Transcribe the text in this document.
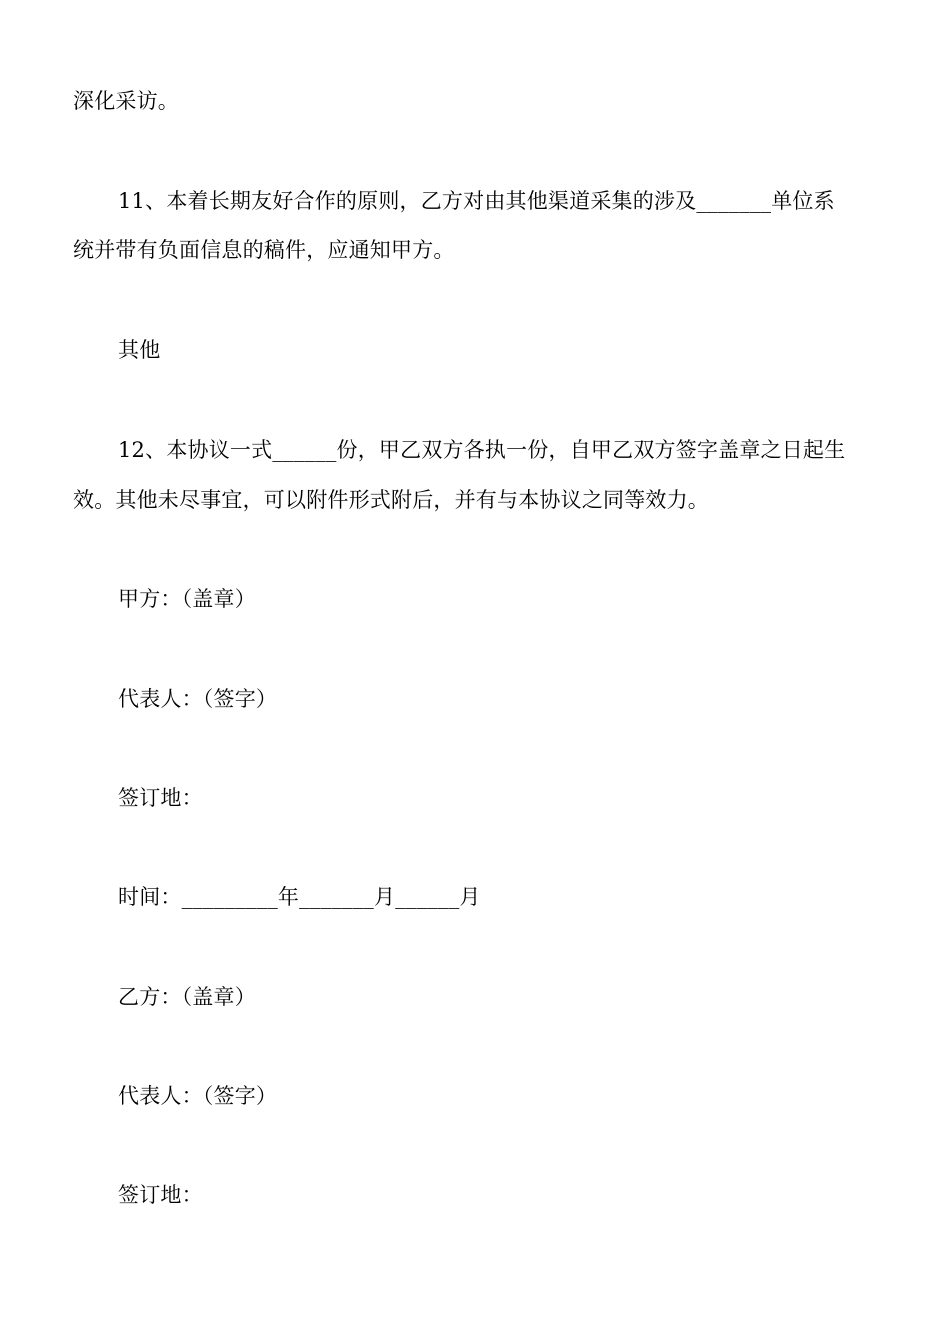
深化采访。
11、本着长期友好合作的原则，乙方对由其他渠道采集的涉及_______单位系
统并带有负面信息的稿件，应通知甲方。
其他
12、本协议一式______份，甲乙双方各执一份，自甲乙双方签字盖章之日起生
效。其他未尽事宜，可以附件形式附后，并有与本协议之同等效力。
甲方：（盖章）
代表人：（签字）
签订地：
时间：_________年_______月______月
乙方：（盖章）
代表人：（签字）
签订地：
